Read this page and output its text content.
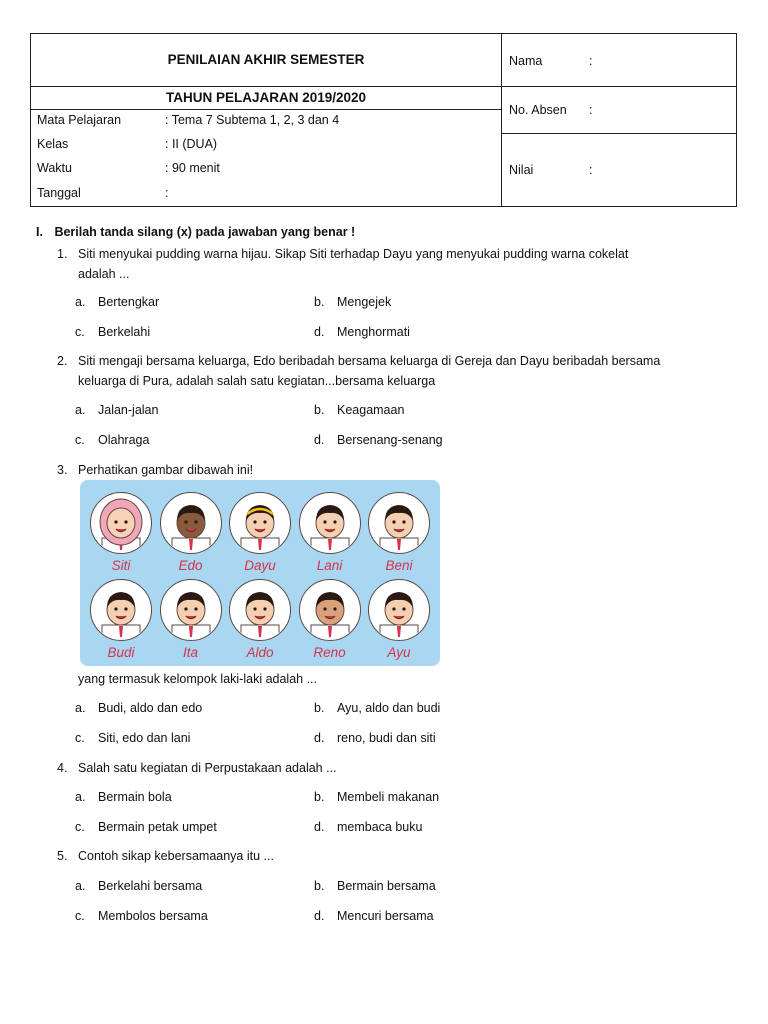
PENILAIAN AKHIR SEMESTER
TAHUN PELAJARAN 2019/2020
Mata Pelajaran	: Tema 7 Subtema 1, 2, 3 dan 4
Kelas	: II (DUA)
Waktu	: 90 menit
Tanggal	:
Nama	:
No. Absen :
Nilai	:
I. Berilah tanda silang (x) pada jawaban yang benar !
1. Siti menyukai pudding warna hijau. Sikap Siti terhadap Dayu yang menyukai pudding warna cokelat
adalah ...
a. Bertengkar	b. Mengejek
c. Berkelahi	d. Menghormati
2. Siti mengaji bersama keluarga, Edo beribadah bersama keluarga di Gereja dan Dayu beribadah bersama
keluarga di Pura, adalah salah satu kegiatan...bersama keluarga
a. Jalan-jalan	b. Keagamaan
c. Olahraga	d. Bersenang-senang
3. Perhatikan gambar dibawah ini!
Siti	Edo	Dayu	Lani	Beni
Budi	Ita	Aldo	Reno	Ayu
yang termasuk kelompok laki-laki adalah ...
a. Budi, aldo dan edo	b. Ayu, aldo dan budi
c. Siti, edo dan lani	d. reno, budi dan siti
4. Salah satu kegiatan di Perpustakaan adalah ...
a. Bermain bola	b. Membeli makanan
c. Bermain petak umpet	d. membaca buku
5. Contoh sikap kebersamaanya itu ...
a. Berkelahi bersama	b. Bermain bersama
c. Membolos bersama	d. Mencuri bersama
